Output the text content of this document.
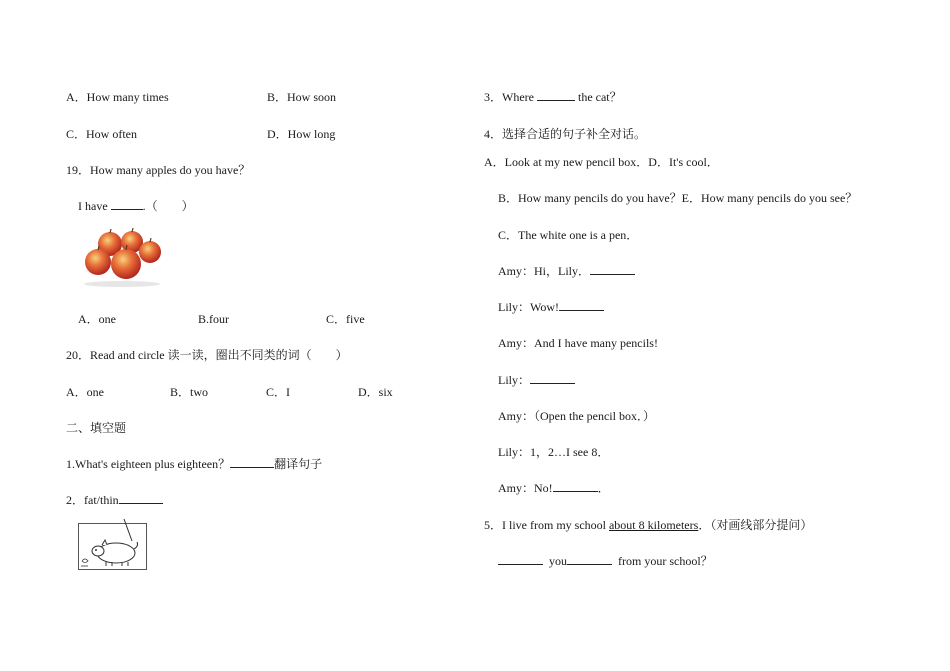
A．How many times	B．How soon
C．How often	D．How long
19．How many apples do you have？
I have	.（　　）
A．one	B.four	C．five
20．Read and circle 读一读，圈出不同类的词（　　）
A．one	B．two	C．I	D．six
二、填空题
1.What's eighteen plus eighteen？	翻译句子
2．fat/thin
3．Where	the cat？
4．选择合适的句子补全对话。
A．Look at my new pencil box．D．It's cool．
B．How many pencils do you have？E．How many pencils do you see？
C．The white one is a pen．
Amy：Hi，Lily．
Lily：Wow!
Amy：And I have many pencils!
Lily：
Amy：（Open the pencil box．）
Lily：1，2…I see 8．
Amy：No!	．
5．I live from my school about 8 kilometers．（对画线部分提问）
you	from your school？
